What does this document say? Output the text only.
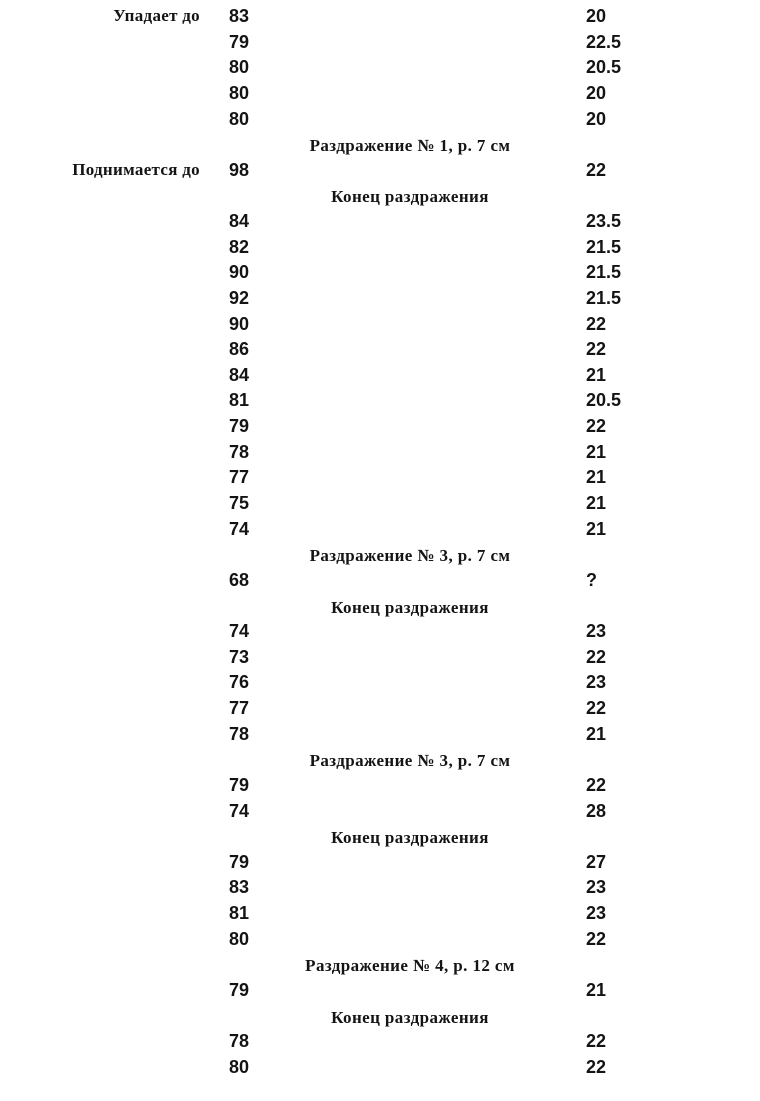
Упадает до 83	20
79	22.5
80	20.5
80	20
80	20
Раздражение № 1, р. 7 см
Поднимается до 98	22
Конец раздражения
84	23.5
82	21.5
90	21.5
92	21.5
90	22
86	22
84	21
81	20.5
79	22
78	21
77	21
75	21
74	21
Раздражение № 3, р. 7 см
68	?
Конец раздражения
74	23
73	22
76	23
77	22
78	21
Раздражение № 3, р. 7 см
79	22
74	28
Конец раздражения
79	27
83	23
81	23
80	22
Раздражение № 4, р. 12 см
79	21
Конец раздражения
78	22
80	22
